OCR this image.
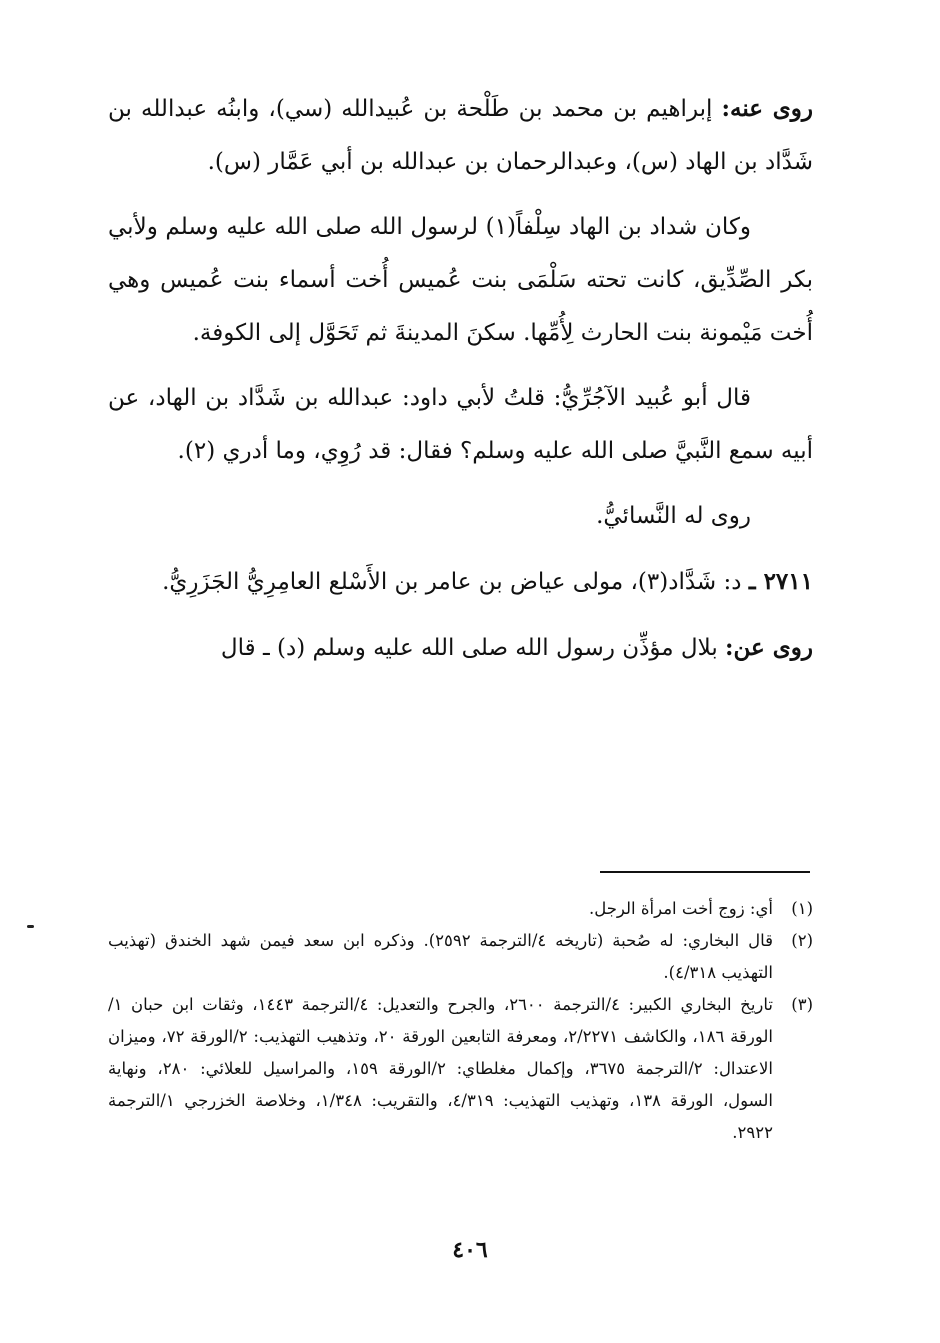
روى عنه: إبراهيم بن محمد بن طَلْحة بن عُبيدالله (سي)، وابنُه عبدالله بن شَدَّاد بن الهاد (س)، وعبدالرحمان بن عبدالله بن أبي عَمَّار (س).

وكان شداد بن الهاد سِلْفاً(١) لرسول الله صلى الله عليه وسلم ولأبي بكر الصِّدِّيق، كانت تحته سَلْمَى بنت عُميس أُخت أسماء بنت عُميس وهي أُخت مَيْمونة بنت الحارث لِأُمِّها. سكنَ المدينةَ ثم تَحَوَّل إلى الكوفة.

قال أبو عُبيد الآجُرِّيُّ: قلتُ لأبي داود: عبدالله بن شَدَّاد بن الهاد، عن أبيه سمع النَّبيَّ صلى الله عليه وسلم؟ فقال: قد رُوِي، وما أدري (٢).

روى له النَّسائيُّ.

٢٧١١ ـ د: شَدَّاد(٣)، مولى عياض بن عامر بن الأَسْلع العامِرِيُّ الجَزَرِيُّ.

روى عن: بلال مؤذِّن رسول الله صلى الله عليه وسلم (د) ـ قال

(١)
أي: زوج أخت امرأة الرجل.
(٢)
قال البخاري: له صُحبة (تاريخه ٤/الترجمة ٢٥٩٢). وذكره ابن سعد فيمن شهد الخندق (تهذيب التهذيب ٤/٣١٨).
(٣)
تاريخ البخاري الكبير: ٤/الترجمة ٢٦٠٠، والجرح والتعديل: ٤/الترجمة ١٤٤٣، وثقات ابن حبان ١/الورقة ١٨٦، والكاشف ٢/٢٢٧١، ومعرفة التابعين الورقة ٢٠، وتذهيب التهذيب: ٢/الورقة ٧٢، وميزان الاعتدال: ٢/الترجمة ٣٦٧٥، وإكمال مغلطاي: ٢/الورقة ١٥٩، والمراسيل للعلائي: ٢٨٠، ونهاية السول، الورقة ١٣٨، وتهذيب التهذيب: ٤/٣١٩، والتقريب: ١/٣٤٨، وخلاصة الخزرجي ١/الترجمة ٢٩٢٢.
٤٠٦
